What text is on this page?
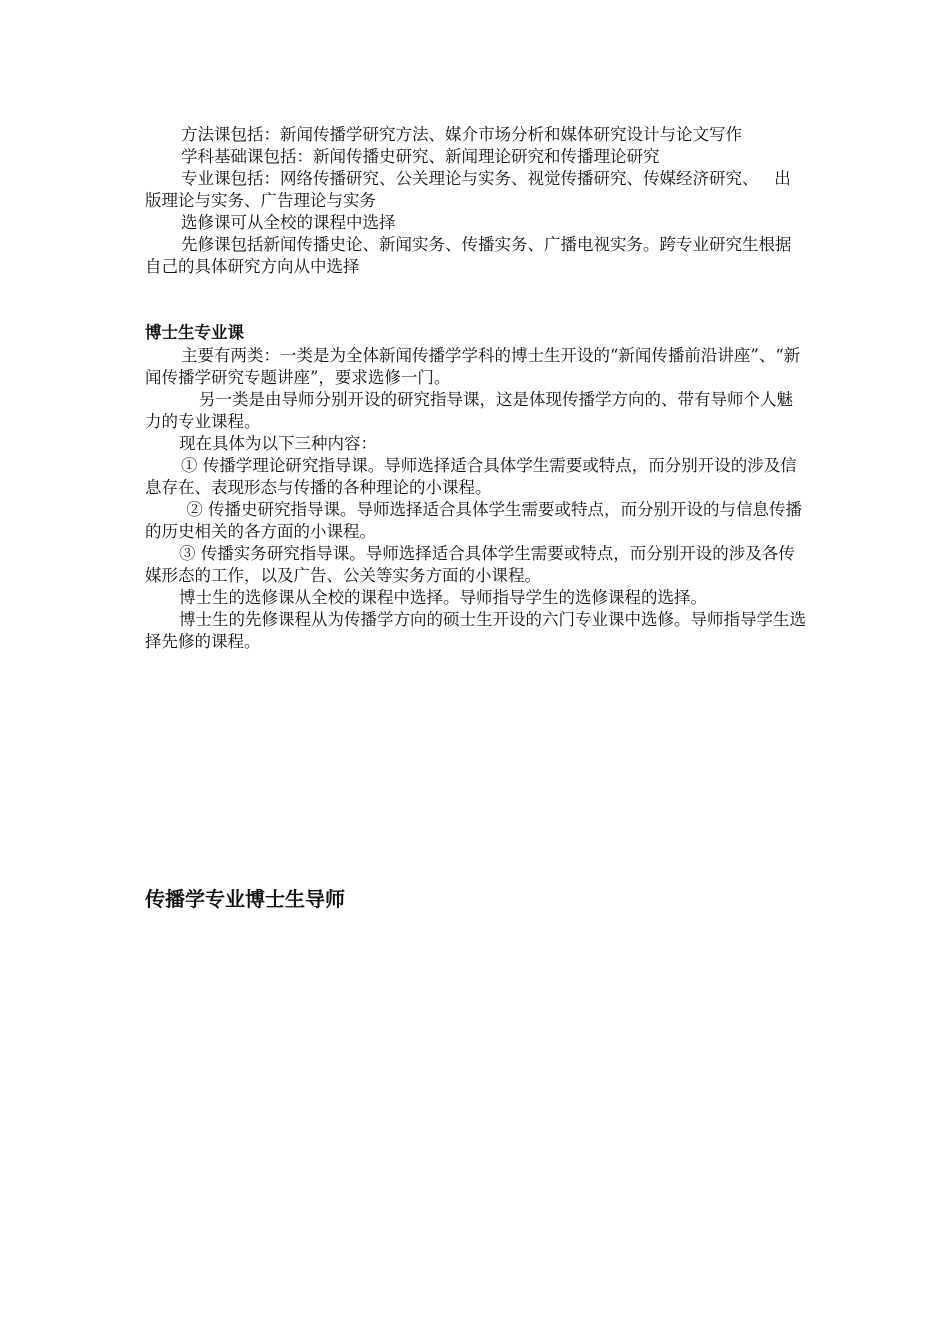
方法课包括：新闻传播学研究方法、媒介市场分析和媒体研究设计与论文写作
学科基础课包括：新闻传播史研究、新闻理论研究和传播理论研究
专业课包括：网络传播研究、公关理论与实务、视觉传播研究、传媒经济研究、   出版理论与实务、广告理论与实务
选修课可从全校的课程中选择
先修课包括新闻传播史论、新闻实务、传播实务、广播电视实务。跨专业研究生根据自己的具体研究方向从中选择
博士生专业课
主要有两类：一类是为全体新闻传播学学科的博士生开设的“新闻传播前沿讲座”、“新闻传播学研究专题讲座”，要求选修一门。
另一类是由导师分别开设的研究指导课，这是体现传播学方向的、带有导师个人魅力的专业课程。
现在具体为以下三种内容：
① 传播学理论研究指导课。导师选择适合具体学生需要或特点，而分别开设的涉及信息存在、表现形态与传播的各种理论的小课程。
② 传播史研究指导课。导师选择适合具体学生需要或特点，而分别开设的与信息传播的历史相关的各方面的小课程。
③ 传播实务研究指导课。导师选择适合具体学生需要或特点，而分别开设的涉及各传媒形态的工作，以及广告、公关等实务方面的小课程。
博士生的选修课从全校的课程中选择。导师指导学生的选修课程的选择。
博士生的先修课程从为传播学方向的硕士生开设的六门专业课中选修。导师指导学生选择先修的课程。
传播学专业博士生导师
